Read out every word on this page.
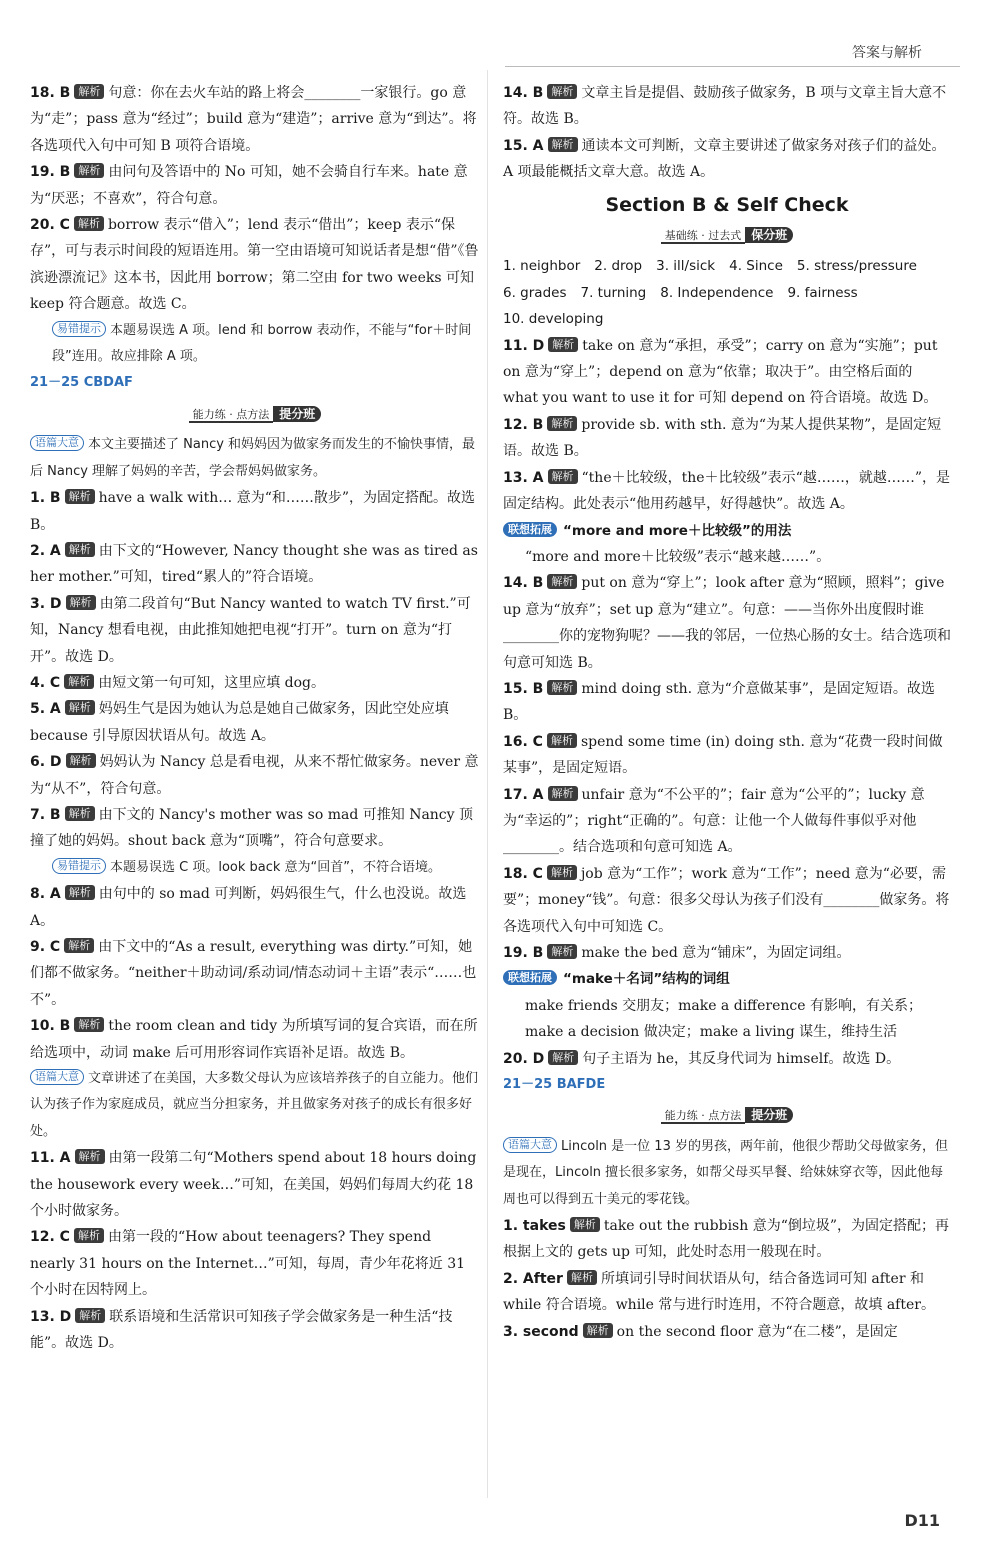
答案与解析
18. B 解析 句意：你在去火车站的路上将会________一家银行。go 意为“走”；pass 意为“经过”；build 意为“建造”；arrive 意为“到达”。将各选项代入句中可知 B 项符合语境。
19. B 解析 由问句及答语中的 No 可知，她不会骑自行车来。hate 意为“厌恶；不喜欢”，符合句意。
20. C 解析 borrow 表示“借入”；lend 表示“借出”；keep 表示“保存”，可与表示时间段的短语连用。第一空由语境可知说话者是想“借”《鲁滨逊漂流记》这本书，因此用 borrow；第二空由 for two weeks 可知 keep 符合题意。故选 C。
易错提示 本题易误选 A 项。lend 和 borrow 表动作，不能与“for＋时间段”连用。故应排除 A 项。
21－25 CBDAF
能力练 · 点方法 提分班
语篇大意 本文主要描述了 Nancy 和妈妈因为做家务而发生的不愉快事情，最后 Nancy 理解了妈妈的辛苦，学会帮妈妈做家务。
1. B 解析 have a walk with… 意为“和……散步”，为固定搭配。故选 B。
2. A 解析 由下文的“However, Nancy thought she was as tired as her mother.”可知，tired“累人的”符合语境。
3. D 解析 由第二段首句“But Nancy wanted to watch TV first.”可知，Nancy 想看电视，由此推知她把电视“打开”。turn on 意为“打开”。故选 D。
4. C 解析 由短文第一句可知，这里应填 dog。
5. A 解析 妈妈生气是因为她认为总是她自己做家务，因此空处应填 because 引导原因状语从句。故选 A。
6. D 解析 妈妈认为 Nancy 总是看电视，从来不帮忙做家务。never 意为“从不”，符合句意。
7. B 解析 由下文的 Nancy's mother was so mad 可推知 Nancy 顶撞了她的妈妈。shout back 意为“顶嘴”，符合句意要求。
易错提示 本题易误选 C 项。look back 意为“回首”，不符合语境。
8. A 解析 由句中的 so mad 可判断，妈妈很生气，什么也没说。故选 A。
9. C 解析 由下文中的“As a result, everything was dirty.”可知，她们都不做家务。“neither＋助动词/系动词/情态动词＋主语”表示“……也不”。
10. B 解析 the room clean and tidy 为所填写词的复合宾语，而在所给选项中，动词 make 后可用形容词作宾语补足语。故选 B。
语篇大意 文章讲述了在美国，大多数父母认为应该培养孩子的自立能力。他们认为孩子作为家庭成员，就应当分担家务，并且做家务对孩子的成长有很多好处。
11. A 解析 由第一段第二句“Mothers spend about 18 hours doing the housework every week…”可知，在美国，妈妈们每周大约花 18 个小时做家务。
12. C 解析 由第一段的“How about teenagers? They spend nearly 31 hours on the Internet…”可知，每周，青少年花将近 31 个小时在因特网上。
13. D 解析 联系语境和生活常识可知孩子学会做家务是一种生活“技能”。故选 D。
14. B 解析 文章主旨是提倡、鼓励孩子做家务，B 项与文章主旨大意不符。故选 B。
15. A 解析 通读本文可判断，文章主要讲述了做家务对孩子们的益处。A 项最能概括文章大意。故选 A。
Section B & Self Check
基础练 · 过去式 保分班
1. neighbor 2. drop 3. ill/sick 4. Since 5. stress/pressure
6. grades 7. turning 8. Independence 9. fairness
10. developing
11. D 解析 take on 意为“承担，承受”；carry on 意为“实施”；put on 意为“穿上”；depend on 意为“依靠；取决于”。由空格后面的 what you want to use it for 可知 depend on 符合语境。故选 D。
12. B 解析 provide sb. with sth. 意为“为某人提供某物”，是固定短语。故选 B。
13. A 解析 “the＋比较级，the＋比较级”表示“越……，就越……”，是固定结构。此处表示“他用药越早，好得越快”。故选 A。
联想拓展 “more and more＋比较级”的用法
“more and more＋比较级”表示“越来越……”。
14. B 解析 put on 意为“穿上”；look after 意为“照顾，照料”；give up 意为“放弃”；set up 意为“建立”。句意：——当你外出度假时谁________你的宠物狗呢？——我的邻居，一位热心肠的女士。结合选项和句意可知选 B。
15. B 解析 mind doing sth. 意为“介意做某事”，是固定短语。故选 B。
16. C 解析 spend some time (in) doing sth. 意为“花费一段时间做某事”，是固定短语。
17. A 解析 unfair 意为“不公平的”；fair 意为“公平的”；lucky 意为“幸运的”；right“正确的”。句意：让他一个人做每件事似乎对他________。结合选项和句意可知选 A。
18. C 解析 job 意为“工作”；work 意为“工作”；need 意为“必要，需要”；money“钱”。句意：很多父母认为孩子们没有________做家务。将各选项代入句中可知选 C。
19. B 解析 make the bed 意为“铺床”，为固定词组。
联想拓展 “make＋名词”结构的词组
make friends 交朋友；make a difference 有影响，有关系；make a decision 做决定；make a living 谋生，维持生活
20. D 解析 句子主语为 he，其反身代词为 himself。故选 D。
21－25 BAFDE
能力练 · 点方法 提分班
语篇大意 Lincoln 是一位 13 岁的男孩，两年前，他很少帮助父母做家务，但是现在，Lincoln 擅长很多家务，如帮父母买早餐、给妹妹穿衣等，因此他每周也可以得到五十美元的零花钱。
1. takes 解析 take out the rubbish 意为“倒垃圾”，为固定搭配；再根据上文的 gets up 可知，此处时态用一般现在时。
2. After 解析 所填词引导时间状语从句，结合备选词可知 after 和 while 符合语境。while 常与进行时连用，不符合题意，故填 after。
3. second 解析 on the second floor 意为“在二楼”，是固定
D11
